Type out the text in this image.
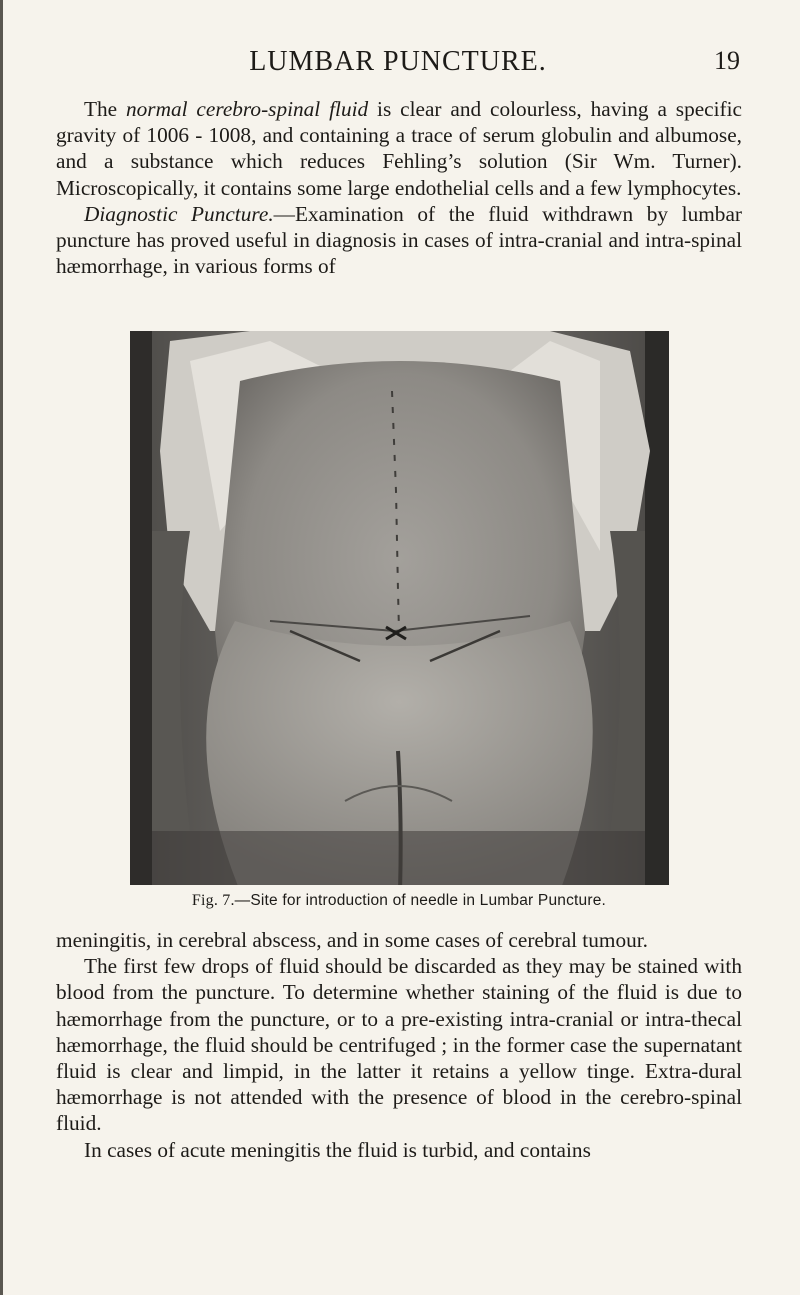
LUMBAR PUNCTURE.	19

The normal cerebro-spinal fluid is clear and colourless, having a specific gravity of 1006 - 1008, and containing a trace of serum globulin and albumose, and a substance which reduces Fehling’s solution (Sir Wm. Turner). Microscopically, it contains some large endothelial cells and a few lymphocytes.

Diagnostic Puncture.—Examination of the fluid withdrawn by lumbar puncture has proved useful in diagnosis in cases of intra-cranial and intra-spinal hæmorrhage, in various forms of

Fig. 7.—Site for introduction of needle in Lumbar Puncture.

meningitis, in cerebral abscess, and in some cases of cerebral tumour.

The first few drops of fluid should be discarded as they may be stained with blood from the puncture. To determine whether staining of the fluid is due to hæmorrhage from the puncture, or to a pre-existing intra-cranial or intra-thecal hæmorrhage, the fluid should be centrifuged ; in the former case the supernatant fluid is clear and limpid, in the latter it retains a yellow tinge. Extra-dural hæmorrhage is not attended with the presence of blood in the cerebro-spinal fluid.

In cases of acute meningitis the fluid is turbid, and contains
